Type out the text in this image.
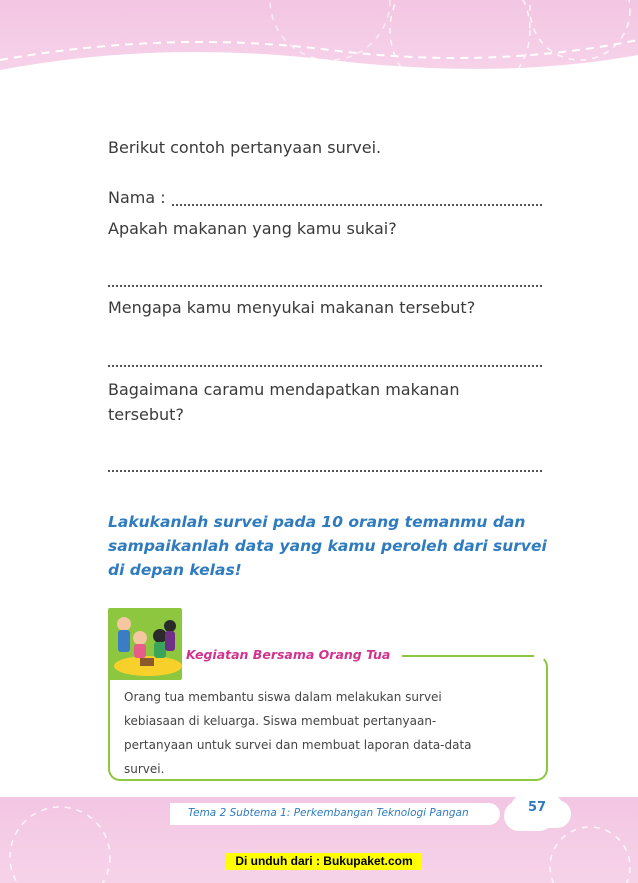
Berikut contoh pertanyaan survei.
Nama :
Apakah makanan yang kamu sukai?
Mengapa kamu menyukai makanan tersebut?
Bagaimana caramu mendapatkan makanan
tersebut?
Lakukanlah survei pada 10 orang temanmu dan
sampaikanlah data yang kamu peroleh dari survei
di depan kelas!
Kegiatan Bersama Orang Tua
Orang tua membantu siswa dalam melakukan survei
kebiasaan di keluarga. Siswa membuat pertanyaan-
pertanyaan untuk survei dan membuat laporan data-data
survei.
Tema 2 Subtema 1: Perkembangan Teknologi Pangan	57
Di unduh dari : Bukupaket.com
